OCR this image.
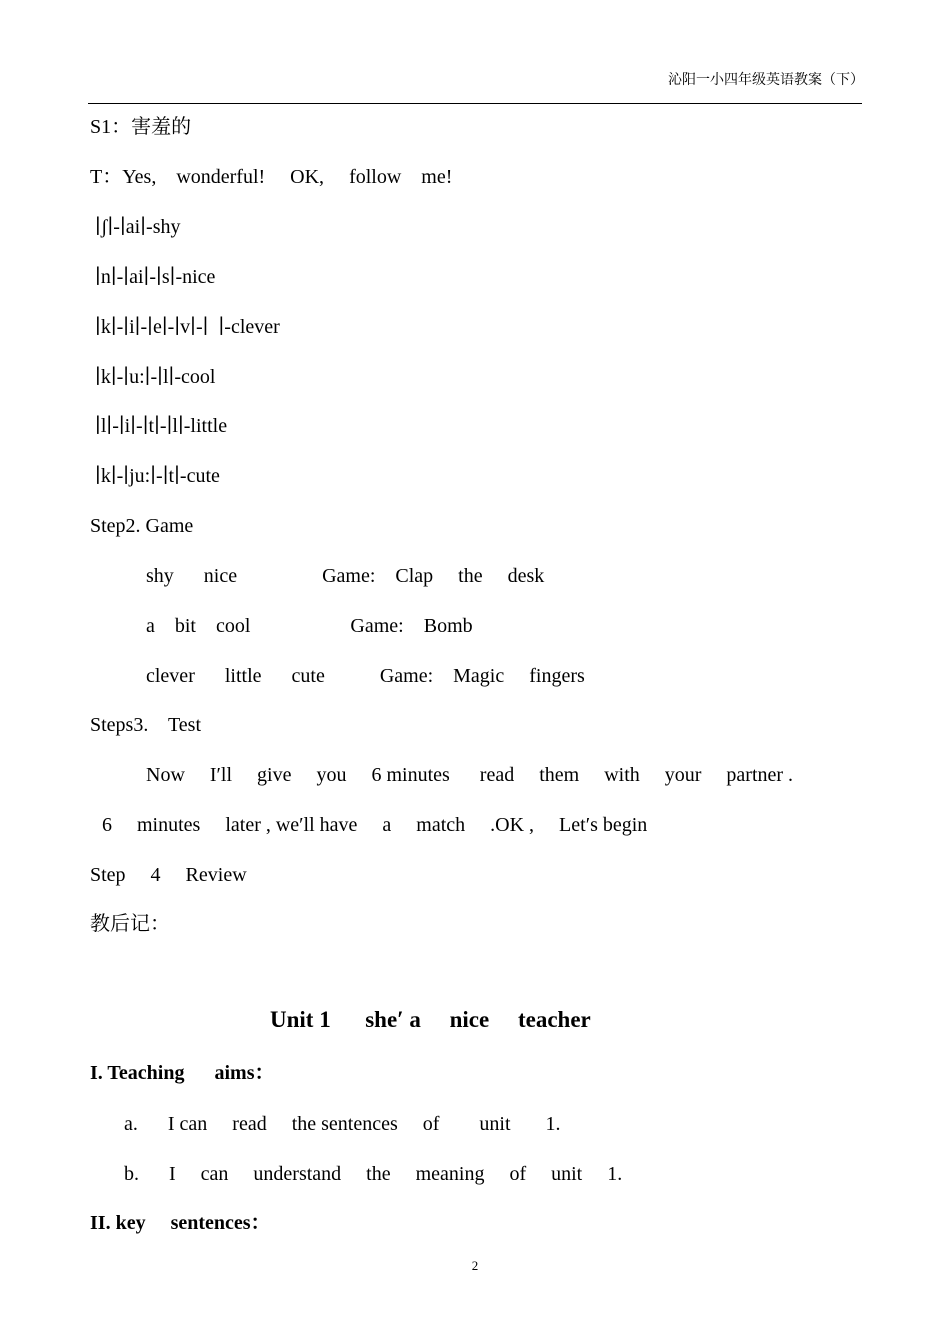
沁阳一小四年级英语教案（下）
S1：害羞的
T：Yes,    wonderful!     OK,     follow    me!
∣ʃ∣-∣ai∣-shy
∣n∣-∣ai∣-∣s∣-nice
∣k∣-∣i∣-∣e∣-∣v∣-∣  ∣-clever
∣k∣-∣u:∣-∣l∣-cool
∣l∣-∣i∣-∣t∣-∣l∣-little
∣k∣-∣ju:∣-∣t∣-cute
Step2. Game
shy      nice                 Game:    Clap     the     desk
a    bit    cool                    Game:    Bomb
clever      little      cute           Game:    Magic     fingers
Steps3.    Test
Now     I′ll     give     you     6 minutes      read     them     with     your     partner .
6     minutes     later , we′ll have     a     match     .OK ,     Let′s begin
Step     4     Review
教后记：
Unit 1      she′ a     nice     teacher
I. Teaching      aims：
a.      I can     read     the sentences     of        unit       1.
b.      I     can     understand     the     meaning     of     unit     1.
II. key     sentences：
2
